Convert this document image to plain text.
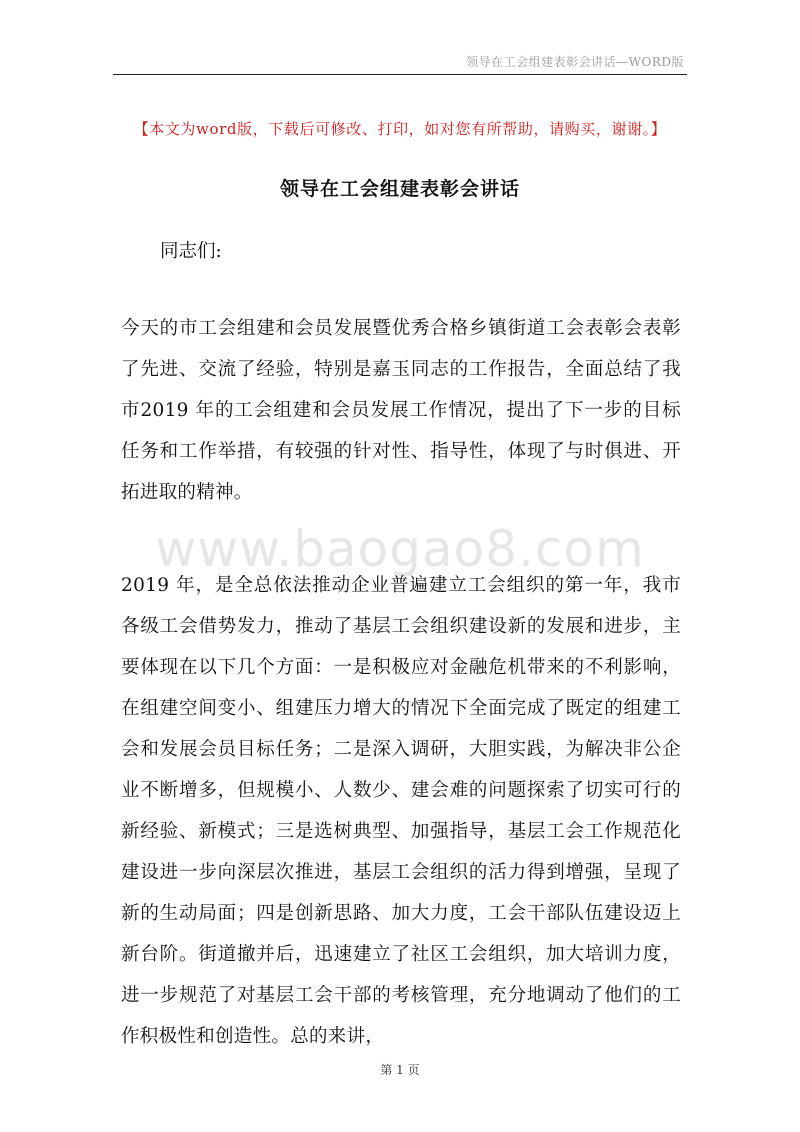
领导在工会组建表彰会讲话—WORD版
【本文为word版，下载后可修改、打印，如对您有所帮助，请购买，谢谢。】
领导在工会组建表彰会讲话
同志们:

今天的市工会组建和会员发展暨优秀合格乡镇街道工会表彰会表彰了先进、交流了经验，特别是嘉玉同志的工作报告，全面总结了我市2019 年的工会组建和会员发展工作情况，提出了下一步的目标任务和工作举措，有较强的针对性、指导性，体现了与时俱进、开拓进取的精神。

www.baogao8.com

2019 年，是全总依法推动企业普遍建立工会组织的第一年，我市各级工会借势发力，推动了基层工会组织建设新的发展和进步，主要体现在以下几个方面：一是积极应对金融危机带来的不利影响，在组建空间变小、组建压力增大的情况下全面完成了既定的组建工会和发展会员目标任务；二是深入调研，大胆实践，为解决非公企业不断增多，但规模小、人数少、建会难的问题探索了切实可行的新经验、新模式；三是选树典型、加强指导，基层工会工作规范化建设进一步向深层次推进，基层工会组织的活力得到增强，呈现了新的生动局面；四是创新思路、加大力度，工会干部队伍建设迈上新台阶。街道撤并后，迅速建立了社区工会组织，加大培训力度，进一步规范了对基层工会干部的考核管理，充分地调动了他们的工作积极性和创造性。总的来讲，

第 1 页
